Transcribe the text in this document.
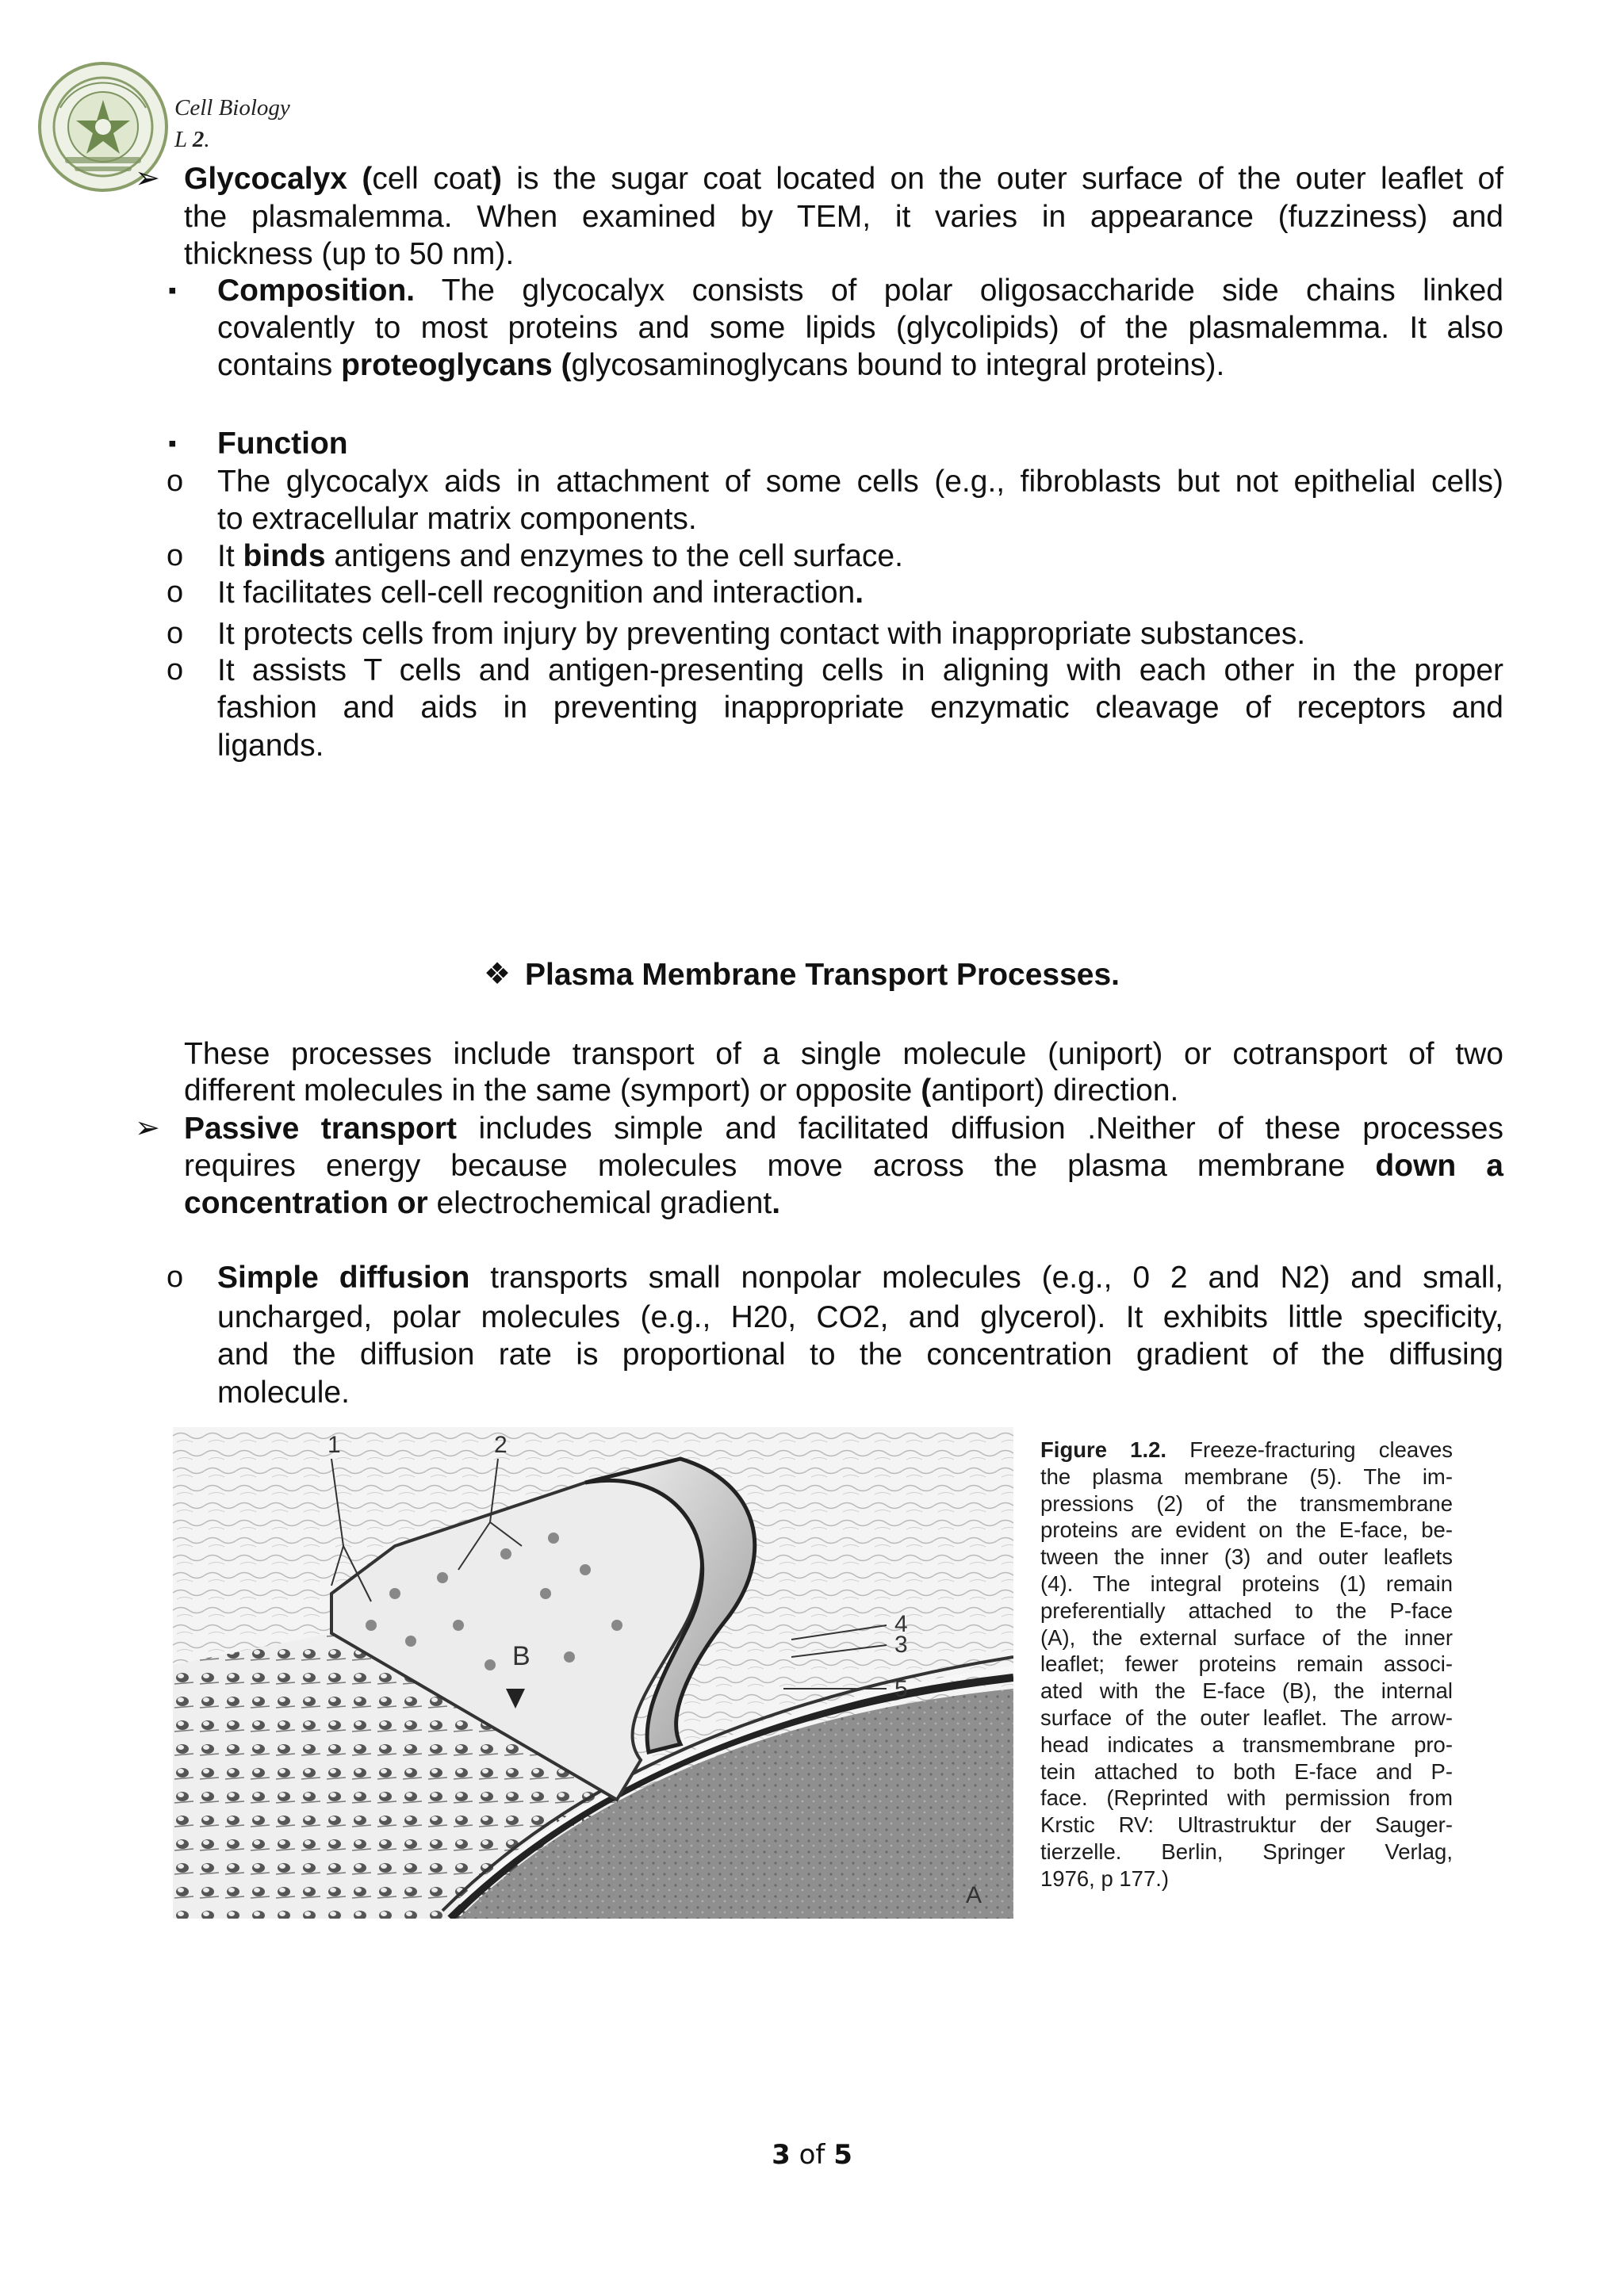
Cell Biology
L 2.
➢ Glycocalyx (cell coat) is the sugar coat located on the outer surface of the outer leaflet of
the plasmalemma. When examined by TEM, it varies in appearance (fuzziness) and
thickness (up to 50 nm).
▪ Composition. The glycocalyx consists of polar oligosaccharide side chains linked
covalently to most proteins and some lipids (glycolipids) of the plasmalemma. It also
contains proteoglycans (glycosaminoglycans bound to integral proteins).
▪ Function
o The glycocalyx aids in attachment of some cells (e.g., fibroblasts but not epithelial cells)
to extracellular matrix components.
o It binds antigens and enzymes to the cell surface.
o It facilitates cell-cell recognition and interaction.
o It protects cells from injury by preventing contact with inappropriate substances.
o It assists T cells and antigen-presenting cells in aligning with each other in the proper
fashion and aids in preventing inappropriate enzymatic cleavage of receptors and
ligands.
❖ Plasma Membrane Transport Processes.
These processes include transport of a single molecule (uniport) or cotransport of two
different molecules in the same (symport) or opposite (antiport) direction.
➢ Passive transport includes simple and facilitated diffusion .Neither of these processes
requires energy because molecules move across the plasma membrane down a
concentration or electrochemical gradient.
o Simple diffusion transports small nonpolar molecules (e.g., 0 2 and N2) and small,
uncharged, polar molecules (e.g., H20, CO2, and glycerol). It exhibits little specificity,
and the diffusion rate is proportional to the concentration gradient of the diffusing
molecule.
1	2
4
3
5
A
B
Figure 1.2. Freeze-fracturing cleaves
the plasma membrane (5). The im-
pressions (2) of the transmembrane
proteins are evident on the E-face, be-
tween the inner (3) and outer leaflets
(4). The integral proteins (1) remain
preferentially attached to the P-face
(A), the external surface of the inner
leaflet; fewer proteins remain associ-
ated with the E-face (B), the internal
surface of the outer leaflet. The arrow-
head indicates a transmembrane pro-
tein attached to both E-face and P-
face. (Reprinted with permission from
Krstic RV: Ultrastruktur der Sauger-
tierzelle. Berlin, Springer Verlag,
1976, p 177.)
3 of 5
